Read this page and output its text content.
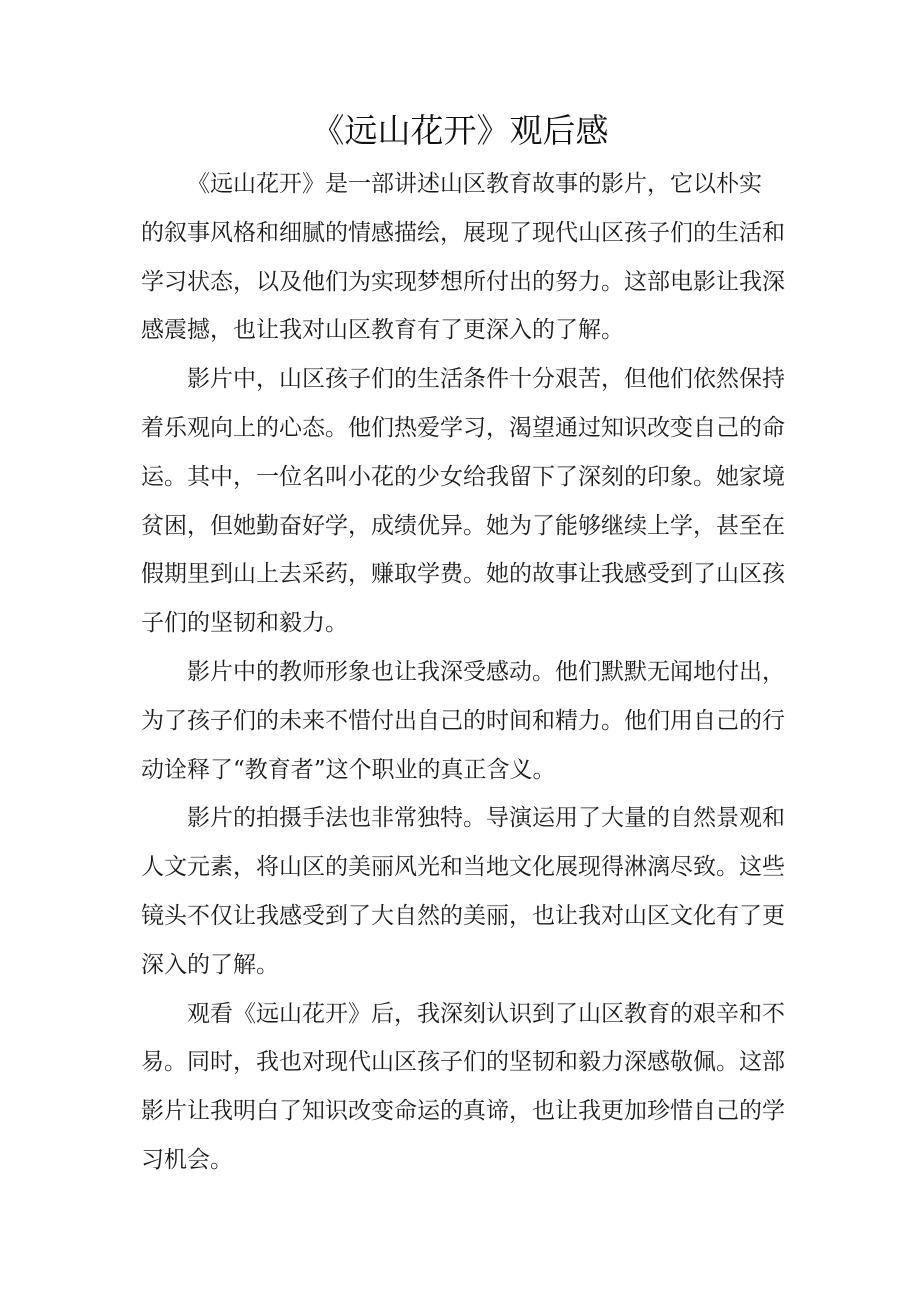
《远山花开》观后感
《远山花开》是一部讲述山区教育故事的影片，它以朴实
的叙事风格和细腻的情感描绘，展现了现代山区孩子们的生活和
学习状态，以及他们为实现梦想所付出的努力。这部电影让我深
感震撼，也让我对山区教育有了更深入的了解。
影片中，山区孩子们的生活条件十分艰苦，但他们依然保持
着乐观向上的心态。他们热爱学习，渴望通过知识改变自己的命
运。其中，一位名叫小花的少女给我留下了深刻的印象。她家境
贫困，但她勤奋好学，成绩优异。她为了能够继续上学，甚至在
假期里到山上去采药，赚取学费。她的故事让我感受到了山区孩
子们的坚韧和毅力。
影片中的教师形象也让我深受感动。他们默默无闻地付出，
为了孩子们的未来不惜付出自己的时间和精力。他们用自己的行
动诠释了“教育者”这个职业的真正含义。
影片的拍摄手法也非常独特。导演运用了大量的自然景观和
人文元素，将山区的美丽风光和当地文化展现得淋漓尽致。这些
镜头不仅让我感受到了大自然的美丽，也让我对山区文化有了更
深入的了解。
观看《远山花开》后，我深刻认识到了山区教育的艰辛和不
易。同时，我也对现代山区孩子们的坚韧和毅力深感敬佩。这部
影片让我明白了知识改变命运的真谛，也让我更加珍惜自己的学
习机会。
